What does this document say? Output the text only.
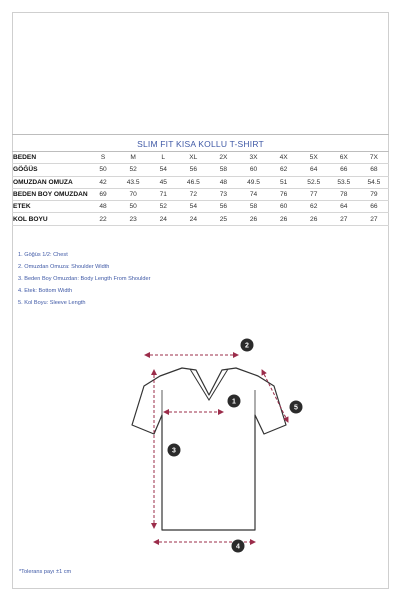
SLIM FIT KISA KOLLU T-SHIRT
BEDEN	S	M	L	XL	2X	3X	4X	5X	6X	7X
GÖĞÜS	50	52	54	56	58	60	62	64	66	68
OMUZDAN OMUZA	42	43.5	45	46.5	48	49.5	51	52.5	53.5	54.5
BEDEN BOY OMUZDAN	69	70	71	72	73	74	76	77	78	79
ETEK	48	50	52	54	56	58	60	62	64	66
KOL BOYU	22	23	24	24	25	26	26	26	27	27
1. Göğüs 1/2: Chest
2. Omuzdan Omuza: Shoulder Width
3. Beden Boy Omuzdan: Body Length From Shoulder
4. Etek: Bottom Width
5. Kol Boyu: Sleeve Length
1
2
3
4
5
*Tolerans payı ±1 cm
